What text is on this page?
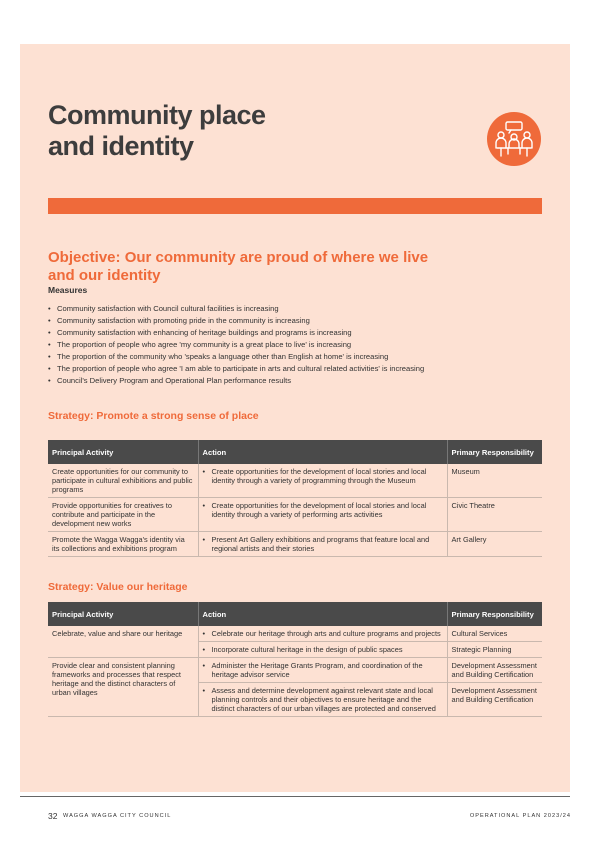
Community place
and identity
Objective: Our community are proud of where we live and our identity
Measures
• Community satisfaction with Council cultural facilities is increasing
• Community satisfaction with promoting pride in the community is increasing
• Community satisfaction with enhancing of heritage buildings and programs is increasing
• The proportion of people who agree 'my community is a great place to live' is increasing
• The proportion of the community who 'speaks a language other than English at home' is increasing
• The proportion of people who agree 'I am able to participate in arts and cultural related activities' is increasing
• Council's Delivery Program and Operational Plan performance results
Strategy: Promote a strong sense of place
Principal Activity	Action	Primary Responsibility
Create opportunities for our community to participate in cultural exhibitions and public programs	• Create opportunities for the development of local stories and local identity through a variety of programming through the Museum	Museum
Provide opportunities for creatives to contribute and participate in the development new works	• Create opportunities for the development of local stories and local identity through a variety of performing arts activities	Civic Theatre
Promote the Wagga Wagga's identity via its collections and exhibitions program	• Present Art Gallery exhibitions and programs that feature local and regional artists and their stories	Art Gallery
Strategy: Value our heritage
Principal Activity	Action	Primary Responsibility
Celebrate, value and share our heritage	• Celebrate our heritage through arts and culture programs and projects	Cultural Services

	• Incorporate cultural heritage in the design of public spaces	Strategic Planning
Provide clear and consistent planning frameworks and processes that respect heritage and the distinct characters of urban villages	• Administer the Heritage Grants Program, and coordination of the heritage advisor service	Development Assessment and Building Certification

	• Assess and determine development against relevant state and local planning controls and their objectives to ensure heritage and the distinct characters of our urban villages are protected and conserved	Development Assessment and Building Certification
32 WAGGA WAGGA CITY COUNCIL	OPERATIONAL PLAN 2023/24
